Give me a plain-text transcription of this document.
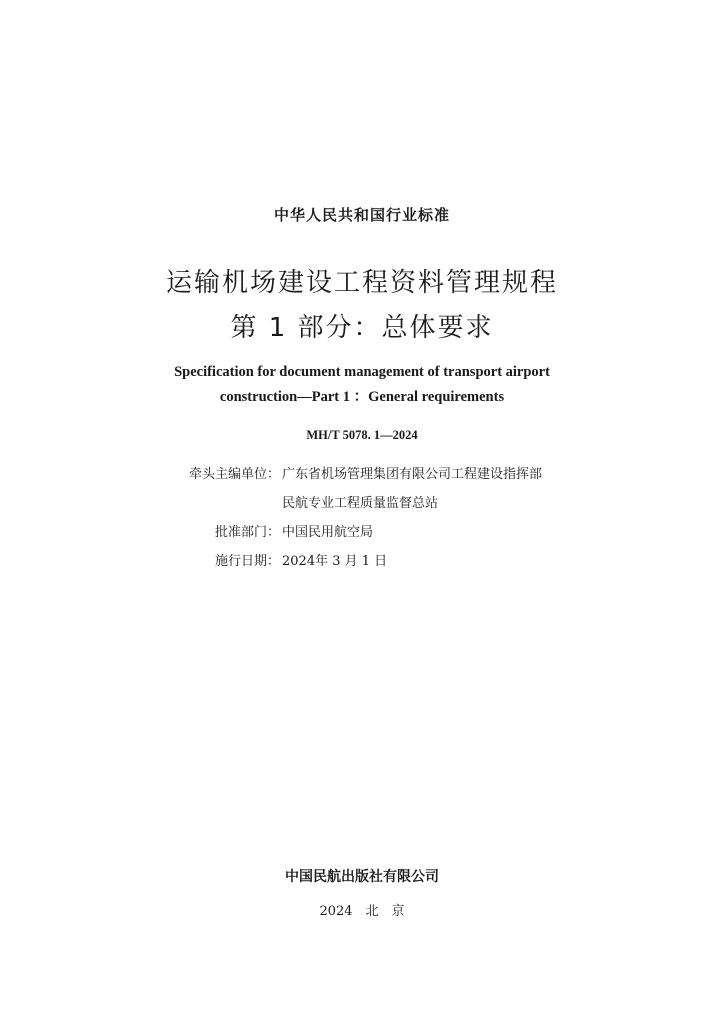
中华人民共和国行业标准
运输机场建设工程资料管理规程
第 1 部分：总体要求
Specification for document management of transport airport
construction—Part 1 ：General requirements
MH/T 5078. 1—2024
牵头主编单位： 广东省机场管理集团有限公司工程建设指挥部
民航专业工程质量监督总站
批准部门： 中国民用航空局
施行日期： 2024年 3 月 1 日
中国民航出版社有限公司
2024　北　京
